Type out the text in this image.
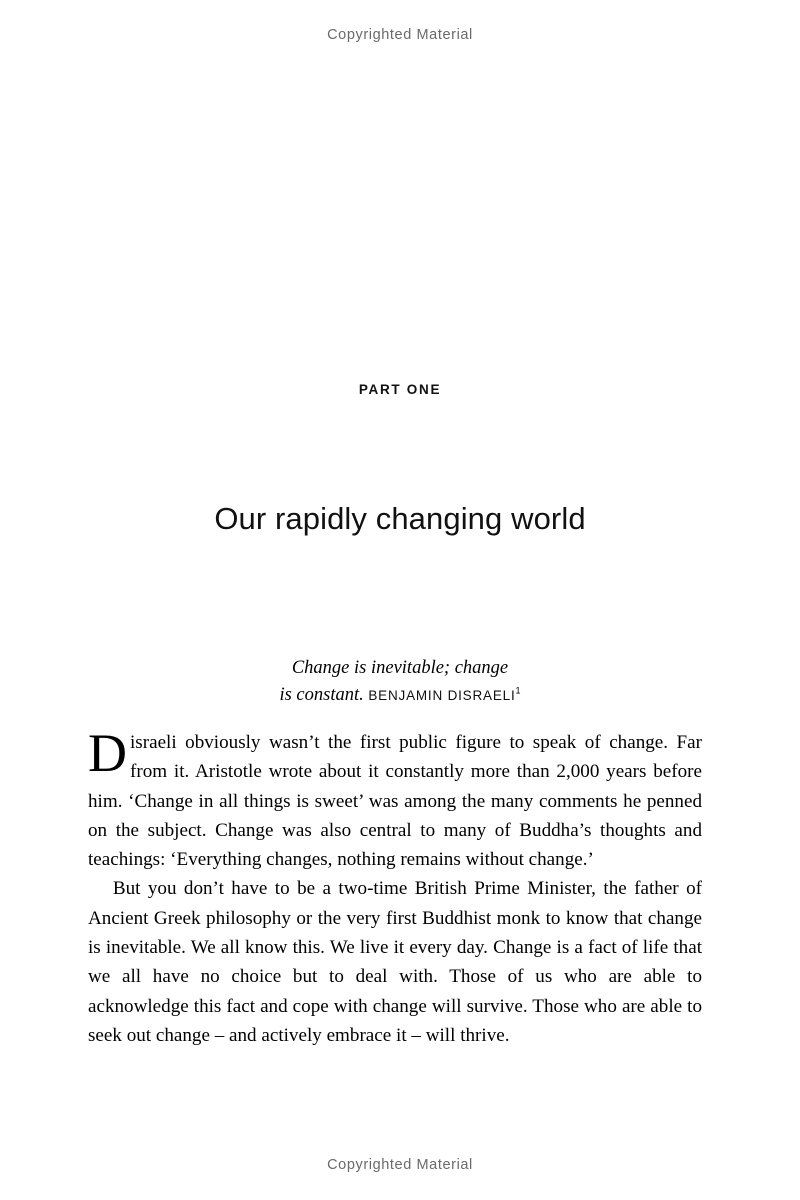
Copyrighted Material
PART ONE
Our rapidly changing world
Change is inevitable; change
is constant. BENJAMIN DISRAELI$^1$

Disraeli obviously wasn’t the first public figure to speak of change. Far from it. Aristotle wrote about it constantly more than 2,000 years before him. ‘Change in all things is sweet’ was among the many comments he penned on the subject. Change was also central to many of Buddha’s thoughts and teachings: ‘Everything changes, nothing remains without change.’

But you don’t have to be a two-time British Prime Minister, the father of Ancient Greek philosophy or the very first Buddhist monk to know that change is inevitable. We all know this. We live it every day. Change is a fact of life that we all have no choice but to deal with. Those of us who are able to acknowledge this fact and cope with change will survive. Those who are able to seek out change – and actively embrace it – will thrive.

Copyrighted Material
